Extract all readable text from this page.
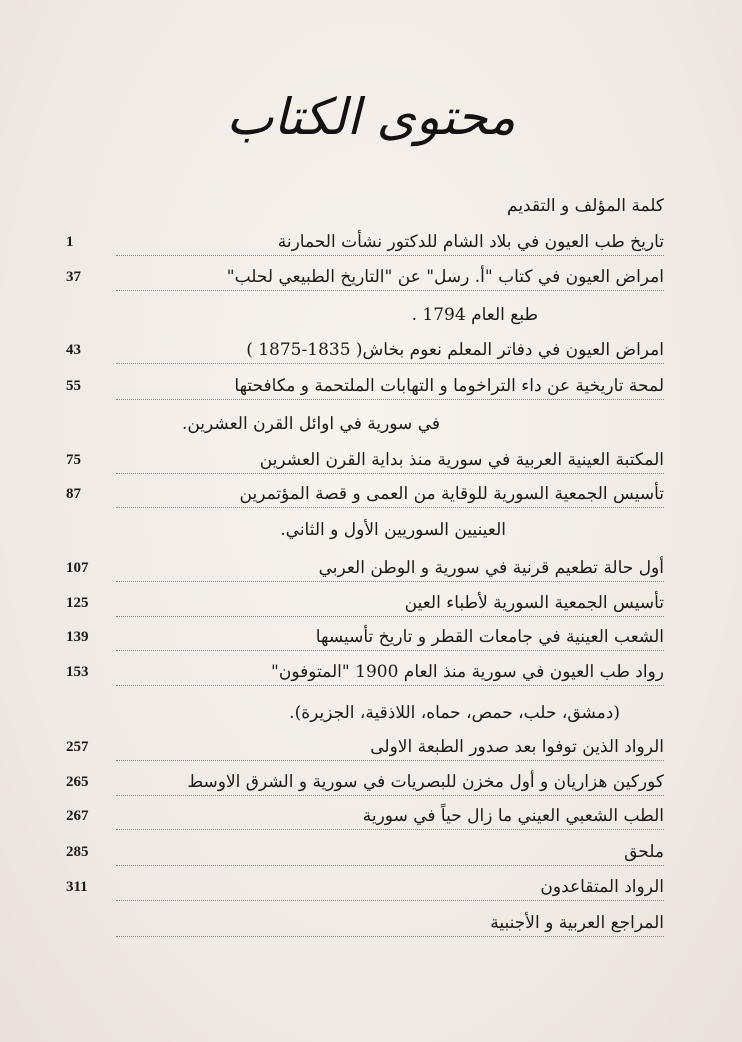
محتوى الكتاب
كلمة المؤلف و التقديم
تاريخ طب العيون في بلاد الشام للدكتور نشأت الحمارنة
1
امراض العيون في كتاب "أ. رسل" عن "التاريخ الطبيعي لحلب"
37
طبع العام 1794 .
امراض العيون في دفاتر المعلم نعوم بخاش( 1835-1875 )
43
لمحة تاريخية عن داء التراخوما و التهابات الملتحمة و مكافحتها
55
في سورية في اوائل القرن العشرين.
المكتبة العينية العربية في سورية منذ بداية القرن العشرين
75
تأسيس الجمعية السورية للوقاية من العمى و قصة المؤتمرين
87
العينيين السوريين الأول و الثاني.
أول حالة تطعيم قرنية في سورية و الوطن العربي
107
تأسيس الجمعية السورية لأطباء العين
125
الشعب العينية في جامعات القطر و تاريخ تأسيسها
139
رواد طب العيون في سورية منذ العام 1900 "المتوفون"
153
(دمشق، حلب، حمص، حماه، اللاذقية، الجزيرة).
الرواد الذين توفوا بعد صدور الطبعة الاولى
257
كوركين هزاريان و أول مخزن للبصريات في سورية و الشرق الاوسط
265
الطب الشعبي العيني ما زال حياً في سورية
267
ملحق
285
الرواد المتقاعدون
311
المراجع العربية و الأجنبية
